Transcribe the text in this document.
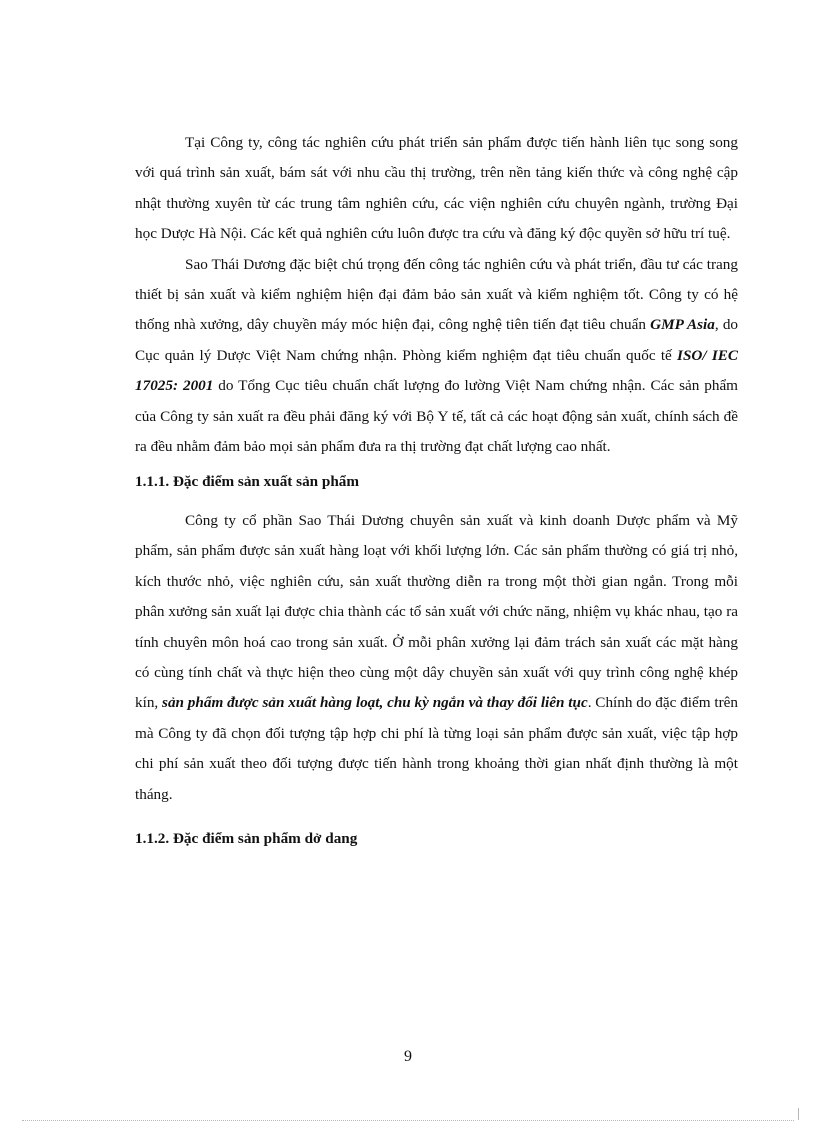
Tại Công ty, công tác nghiên cứu phát triển sản phẩm được tiến hành liên tục song song với quá trình sản xuất, bám sát với nhu cầu thị trường, trên nền tảng kiến thức và công nghệ cập nhật thường xuyên từ các trung tâm nghiên cứu, các viện nghiên cứu chuyên ngành, trường Đại học Dược Hà Nội. Các kết quả nghiên cứu luôn được tra cứu và đăng ký độc quyền sở hữu trí tuệ.

Sao Thái Dương đặc biệt chú trọng đến công tác nghiên cứu và phát triển, đầu tư các trang thiết bị sản xuất và kiểm nghiệm hiện đại đảm bảo sản xuất và kiểm nghiệm tốt. Công ty có hệ thống nhà xưởng, dây chuyền máy móc hiện đại, công nghệ tiên tiến đạt tiêu chuẩn GMP Asia, do Cục quản lý Dược Việt Nam chứng nhận. Phòng kiểm nghiệm đạt tiêu chuẩn quốc tế ISO/ IEC 17025: 2001 do Tổng Cục tiêu chuẩn chất lượng đo lường Việt Nam chứng nhận. Các sản phẩm của Công ty sản xuất ra đều phải đăng ký với Bộ Y tế, tất cả các hoạt động sản xuất, chính sách đề ra đều nhằm đảm bảo mọi sản phẩm đưa ra thị trường đạt chất lượng cao nhất.

1.1.1. Đặc điểm sản xuất sản phẩm

Công ty cổ phần Sao Thái Dương chuyên sản xuất và kinh doanh Dược phẩm và Mỹ phẩm, sản phẩm được sản xuất hàng loạt với khối lượng lớn. Các sản phẩm thường có giá trị nhỏ, kích thước nhỏ, việc nghiên cứu, sản xuất thường diễn ra trong một thời gian ngắn. Trong mỗi phân xưởng sản xuất lại được chia thành các tổ sản xuất với chức năng, nhiệm vụ khác nhau, tạo ra tính chuyên môn hoá cao trong sản xuất. Ở mỗi phân xưởng lại đảm trách sản xuất các mặt hàng có cùng tính chất và thực hiện theo cùng một dây chuyền sản xuất với quy trình công nghệ khép kín, sản phẩm được sản xuất hàng loạt, chu kỳ ngắn và thay đổi liên tục. Chính do đặc điểm trên mà Công ty đã chọn đối tượng tập hợp chi phí là từng loại sản phẩm được sản xuất, việc tập hợp chi phí sản xuất theo đối tượng được tiến hành trong khoảng thời gian nhất định thường là một tháng.

1.1.2. Đặc điểm sản phẩm dở dang

9
